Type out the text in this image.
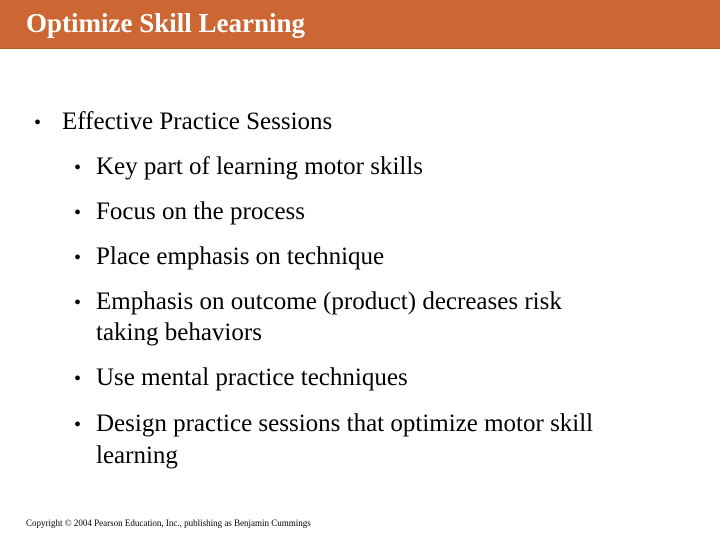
Optimize Skill Learning
• Effective Practice Sessions
• Key part of learning motor skills
• Focus on the process
• Place emphasis on technique
• Emphasis on outcome (product) decreases risk
taking behaviors
• Use mental practice techniques
• Design practice sessions that optimize motor skill
learning
Copyright © 2004 Pearson Education, Inc., publishing as Benjamin Cummings
